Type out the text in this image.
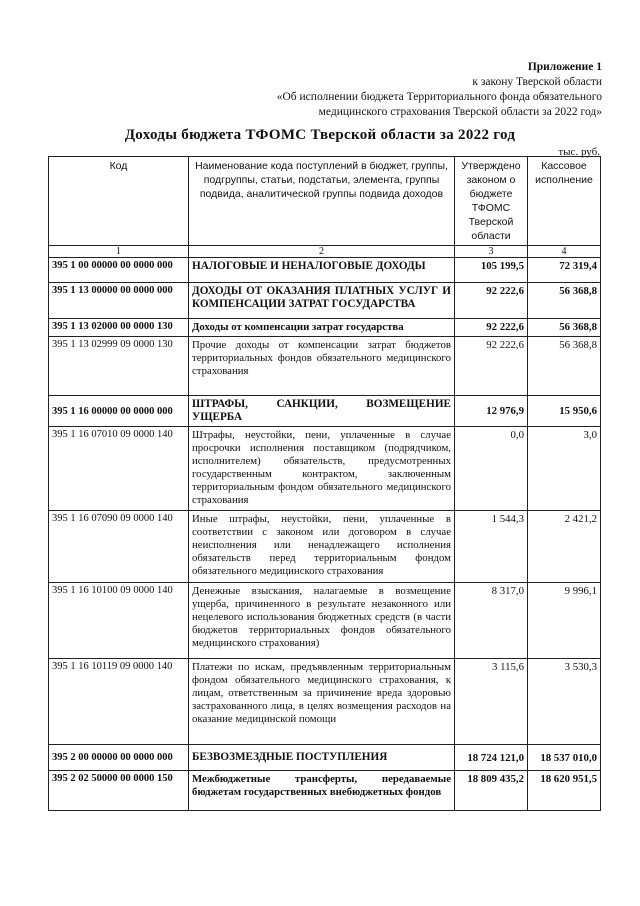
Приложение 1
к закону Тверской области
«Об исполнении бюджета Территориального фонда обязательного
медицинского страхования Тверской области за 2022 год»
Доходы бюджета ТФОМС Тверской области за 2022 год
тыс. руб.
Код	Наименование кода поступлений в бюджет, группы, подгруппы, статьи, подстатьи, элемента, группы подвида, аналитической группы подвида доходов	Утверждено законом о бюджете ТФОМС Тверской области	Кассовое исполнение
1	2	3	4
395 1 00 00000 00 0000 000	НАЛОГОВЫЕ И НЕНАЛОГОВЫЕ ДОХОДЫ	105 199,5	72 319,4
395 1 13 00000 00 0000 000	ДОХОДЫ ОТ ОКАЗАНИЯ ПЛАТНЫХ УСЛУГ И КОМПЕНСАЦИИ ЗАТРАТ ГОСУДАРСТВА	92 222,6	56 368,8
395 1 13 02000 00 0000 130	Доходы от компенсации затрат государства	92 222,6	56 368,8
395 1 13 02999 09 0000 130	Прочие доходы от компенсации затрат бюджетов территориальных фондов обязательного медицинского страхования	92 222,6	56 368,8
395 1 16 00000 00 0000 000	ШТРАФЫ, САНКЦИИ, ВОЗМЕЩЕНИЕ УЩЕРБА	12 976,9	15 950,6
395 1 16 07010 09 0000 140	Штрафы, неустойки, пени, уплаченные в случае просрочки исполнения поставщиком (подрядчиком, исполнителем) обязательств, предусмотренных государственным контрактом, заключенным территориальным фондом обязательного медицинского страхования	0,0	3,0
395 1 16 07090 09 0000 140	Иные штрафы, неустойки, пени, уплаченные в соответствии с законом или договором в случае неисполнения или ненадлежащего исполнения обязательств перед территориальным фондом обязательного медицинского страхования	1 544,3	2 421,2
395 1 16 10100 09 0000 140	Денежные взыскания, налагаемые в возмещение ущерба, причиненного в результате незаконного или нецелевого использования бюджетных средств (в части бюджетов территориальных фондов обязательного медицинского страхования)	8 317,0	9 996,1
395 1 16 10119 09 0000 140	Платежи по искам, предъявленным территориальным фондом обязательного медицинского страхования, к лицам, ответственным за причинение вреда здоровью застрахованного лица, в целях возмещения расходов на оказание медицинской помощи	3 115,6	3 530,3
395 2 00 00000 00 0000 000	БЕЗВОЗМЕЗДНЫЕ ПОСТУПЛЕНИЯ	18 724 121,0	18 537 010,0
395 2 02 50000 00 0000 150	Межбюджетные трансферты, передаваемые бюджетам государственных внебюджетных фондов	18 809 435,2	18 620 951,5
